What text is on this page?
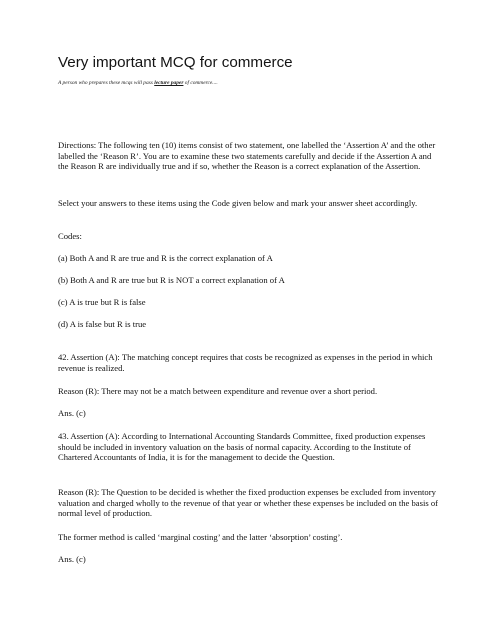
Very important MCQ for commerce
A person who prepares these mcqs will pass lecture paper of commerce....

Directions: The following ten (10) items consist of two statement, one labelled the ‘Assertion A’ and the other labelled the ‘Reason R’. You are to examine these two statements carefully and decide if the Assertion A and the Reason R are individually true and if so, whether the Reason is a correct explanation of the Assertion.

Select your answers to these items using the Code given below and mark your answer sheet accordingly.

Codes:

(a) Both A and R are true and R is the correct explanation of A

(b) Both A and R are true but R is NOT a correct explanation of A

(c) A is true but R is false

(d) A is false but R is true

42. Assertion (A): The matching concept requires that costs be recognized as expenses in the period in which revenue is realized.

Reason (R): There may not be a match between expenditure and revenue over a short period.

Ans. (c)

43. Assertion (A): According to International Accounting Standards Committee, fixed production expenses should be included in inventory valuation on the basis of normal capacity. According to the Institute of Chartered Accountants of India, it is for the management to decide the Question.

Reason (R): The Question to be decided is whether the fixed production expenses be excluded from inventory valuation and charged wholly to the revenue of that year or whether these expenses be included on the basis of normal level of production.

The former method is called ‘marginal costing’ and the latter ‘absorption’ costing’.

Ans. (c)
